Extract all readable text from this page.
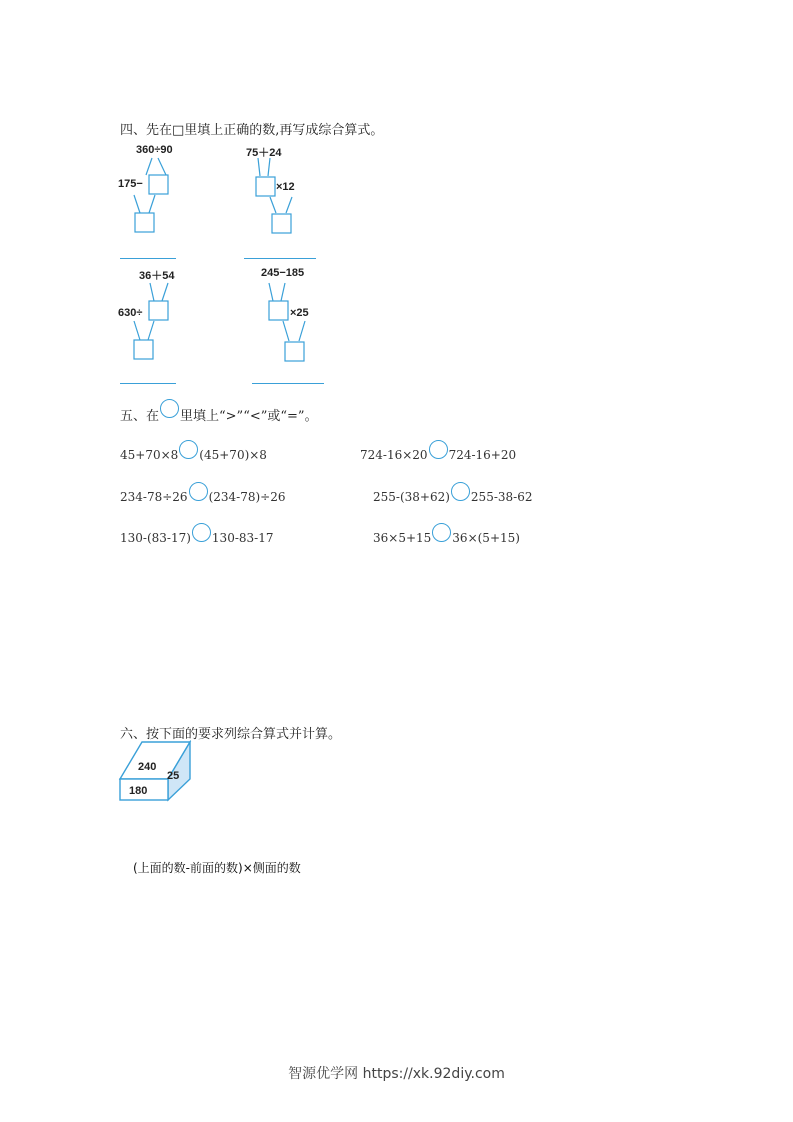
四、先在□里填上正确的数,再写成综合算式。
360÷90
175−
75＋24
×12
36＋54
630÷
245−185
×25
五、在 里填上“>”“<”或“=”。
45+70×8 (45+70)×8	724-16×20 724-16+20
234-78÷26 (234-78)÷26	255-(38+62) 255-38-62
130-(83-17) 130-83-17	36×5+15 36×(5+15)
六、按下面的要求列综合算式并计算。
240
25
180
(上面的数-前面的数)×侧面的数
智源优学网 https://xk.92diy.com
